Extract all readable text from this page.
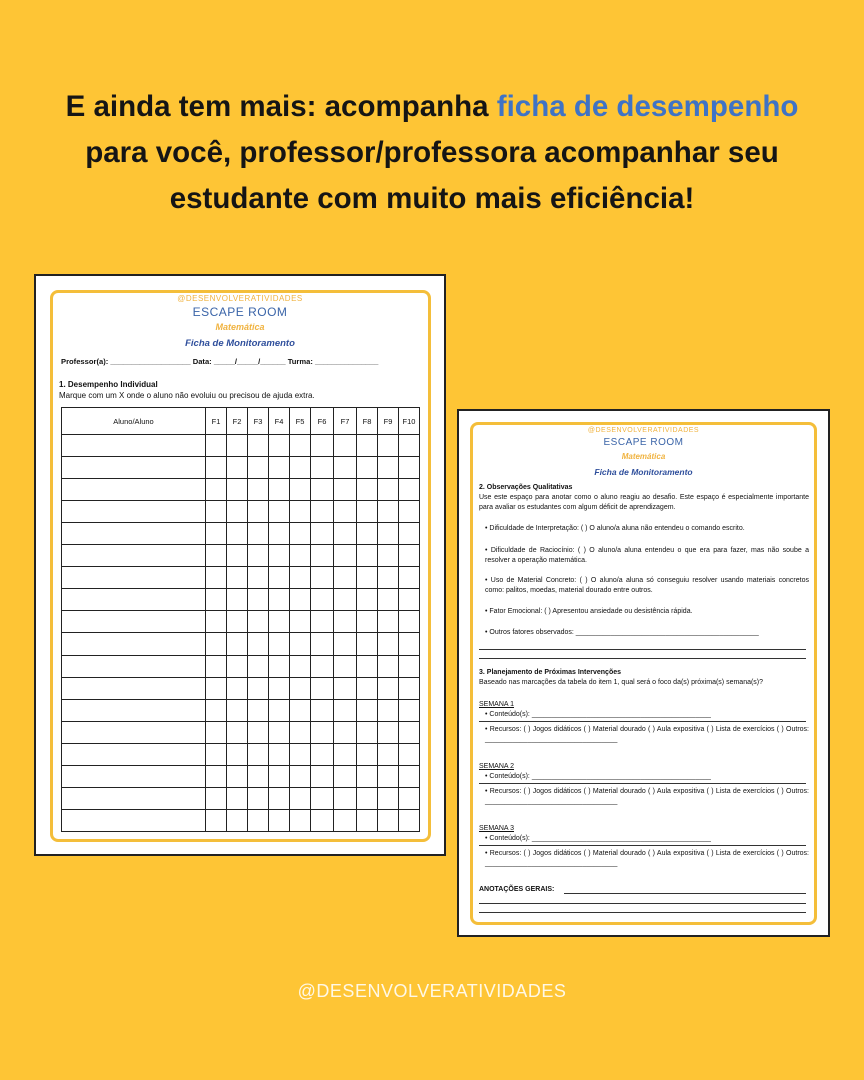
E ainda tem mais: acompanha ficha de desempenho para você, professor/professora acompanhar seu estudante com muito mais eficiência!
@DESENVOLVERATIVIDADES
ESCAPE ROOM
Matemática
Ficha de Monitoramento
Professor(a): ___________________ Data: _____/_____/______ Turma: _______________
1. Desempenho Individual
Marque com um X onde o aluno não evoluiu ou precisou de ajuda extra.
Aluno/Aluno	F1	F2	F3	F4	F5	F6	F7	F8	F9	F10

@DESENVOLVERATIVIDADES
ESCAPE ROOM
Matemática
Ficha de Monitoramento
2. Observações Qualitativas
Use este espaço para anotar como o aluno reagiu ao desafio. Este espaço é especialmente importante para avaliar os estudantes com algum déficit de aprendizagem.
• Dificuldade de Interpretação: ( ) O aluno/a aluna não entendeu o comando escrito.
• Dificuldade de Raciocínio: ( ) O aluno/a aluna entendeu o que era para fazer, mas não soube a resolver a operação matemática.
• Uso de Material Concreto: ( ) O aluno/a aluna só conseguiu resolver usando materiais concretos como: palitos, moedas, material dourado entre outros.
• Fator Emocional: ( ) Apresentou ansiedade ou desistência rápida.
• Outros fatores observados: _______________________________________________
3. Planejamento de Próximas Intervenções
Baseado nas marcações da tabela do item 1, qual será o foco da(s) próxima(s) semana(s)?
SEMANA 1
• Conteúdo(s): ______________________________________________
• Recursos: ( ) Jogos didáticos ( ) Material dourado ( ) Aula expositiva ( ) Lista de exercícios ( ) Outros: __________________________________
SEMANA 2
• Conteúdo(s): ______________________________________________
• Recursos: ( ) Jogos didáticos ( ) Material dourado ( ) Aula expositiva ( ) Lista de exercícios ( ) Outros: __________________________________
SEMANA 3
• Conteúdo(s): ______________________________________________
• Recursos: ( ) Jogos didáticos ( ) Material dourado ( ) Aula expositiva ( ) Lista de exercícios ( ) Outros: __________________________________
ANOTAÇÕES GERAIS:
@DESENVOLVERATIVIDADES
